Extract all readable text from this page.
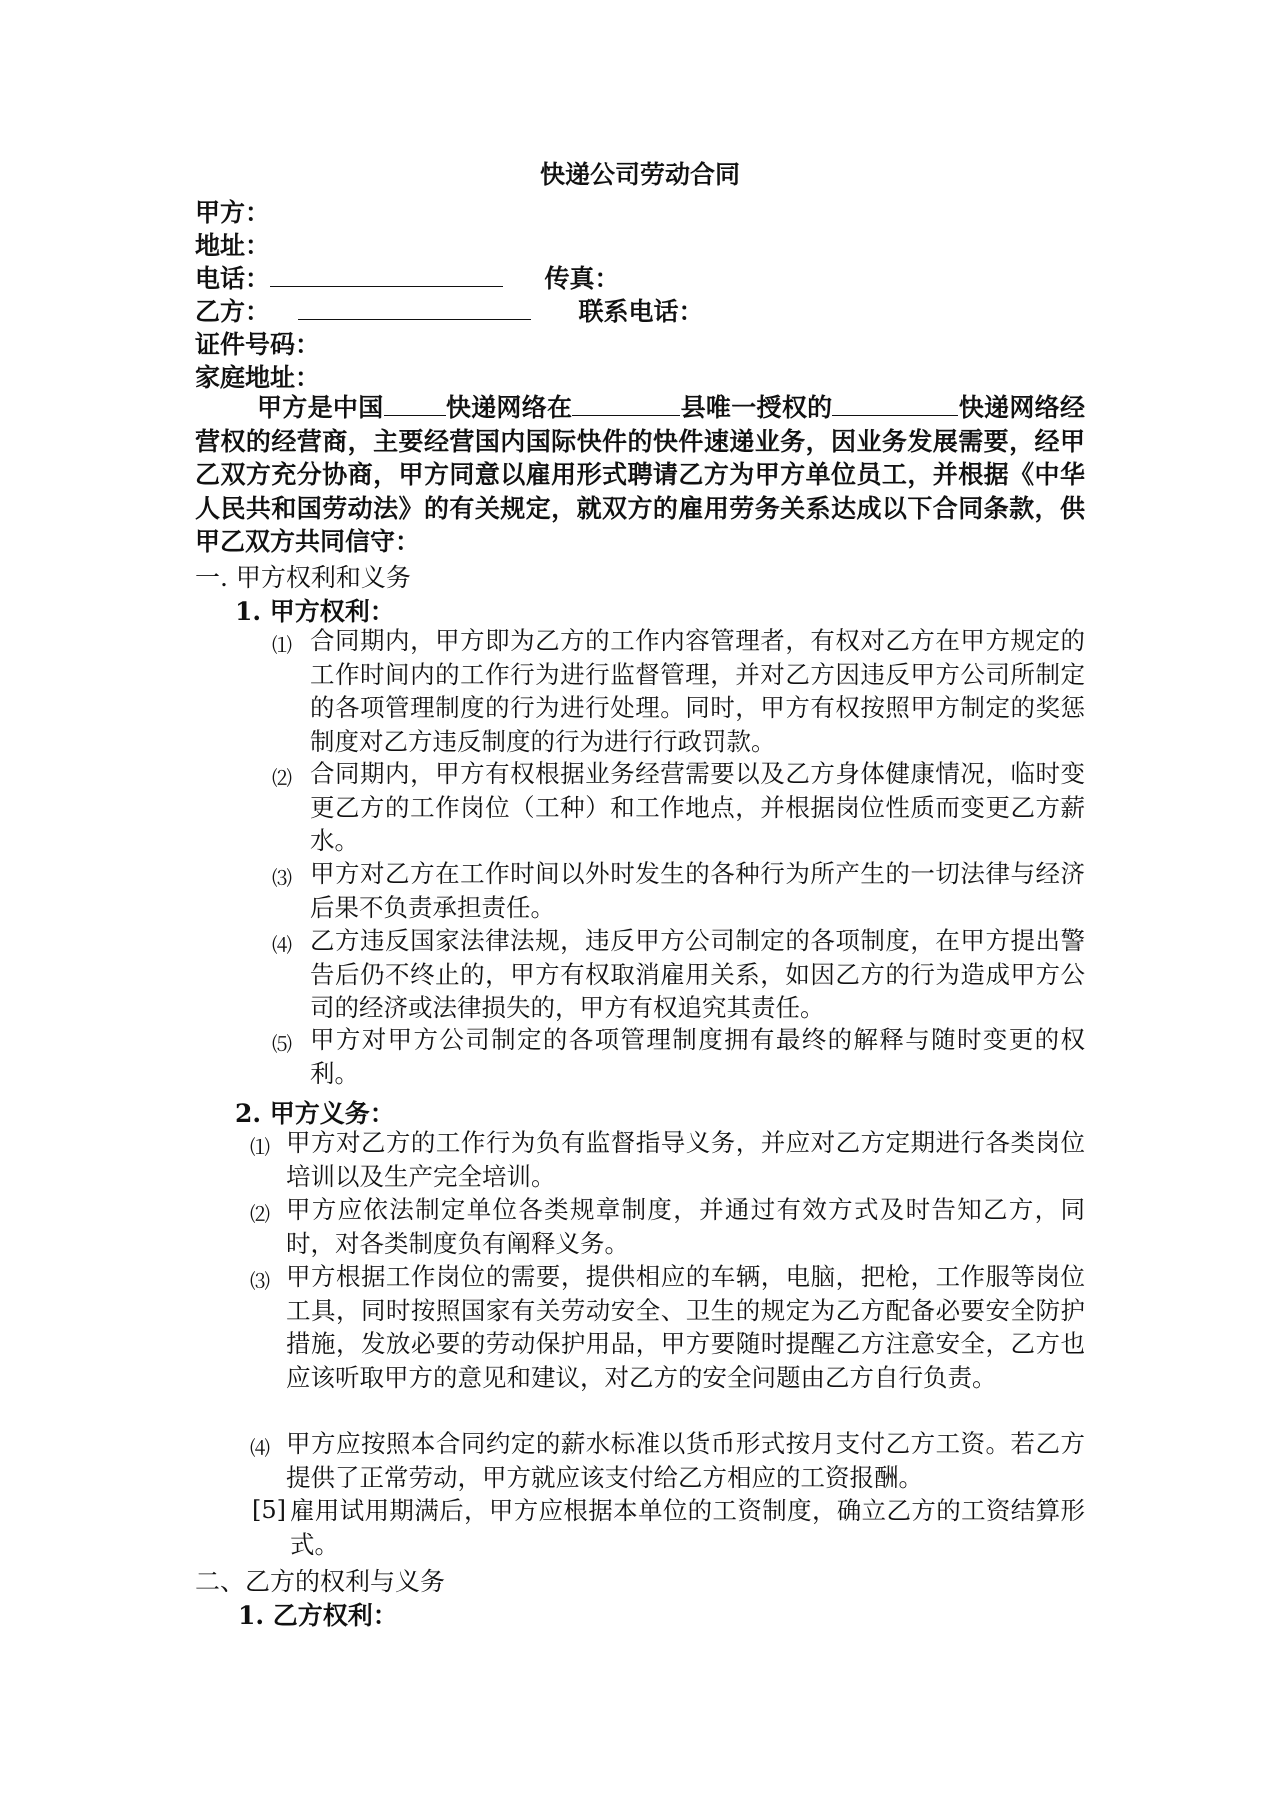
快递公司劳动合同
甲方：
地址：
电话：	传真：
乙方：	联系电话：
证件号码：
家庭地址：
甲方是中国 快递网络在	县唯一授权的	快递网络经营权的经营商，主要经营国内国际快件的快件速递业务，因业务发展需要，经甲乙双方充分协商，甲方同意以雇用形式聘请乙方为甲方单位员工，并根据《中华人民共和国劳动法》的有关规定，就双方的雇用劳务关系达成以下合同条款，供甲乙双方共同信守：
一. 甲方权利和义务
1. 甲方权利：
⑴ 合同期内，甲方即为乙方的工作内容管理者，有权对乙方在甲方规定的工作时间内的工作行为进行监督管理，并对乙方因违反甲方公司所制定的各项管理制度的行为进行处理。同时，甲方有权按照甲方制定的奖惩制度对乙方违反制度的行为进行行政罚款。
⑵ 合同期内，甲方有权根据业务经营需要以及乙方身体健康情况，临时变更乙方的工作岗位（工种）和工作地点，并根据岗位性质而变更乙方薪水。
⑶ 甲方对乙方在工作时间以外时发生的各种行为所产生的一切法律与经济后果不负责承担责任。
⑷ 乙方违反国家法律法规，违反甲方公司制定的各项制度，在甲方提出警告后仍不终止的，甲方有权取消雇用关系，如因乙方的行为造成甲方公司的经济或法律损失的，甲方有权追究其责任。
⑸ 甲方对甲方公司制定的各项管理制度拥有最终的解释与随时变更的权利。
2. 甲方义务：
⑴ 甲方对乙方的工作行为负有监督指导义务，并应对乙方定期进行各类岗位培训以及生产完全培训。
⑵ 甲方应依法制定单位各类规章制度，并通过有效方式及时告知乙方，同时，对各类制度负有阐释义务。
⑶ 甲方根据工作岗位的需要，提供相应的车辆，电脑，把枪，工作服等岗位工具，同时按照国家有关劳动安全、卫生的规定为乙方配备必要安全防护措施，发放必要的劳动保护用品，甲方要随时提醒乙方注意安全，乙方也应该听取甲方的意见和建议，对乙方的安全问题由乙方自行负责。
⑷ 甲方应按照本合同约定的薪水标准以货币形式按月支付乙方工资。若乙方提供了正常劳动，甲方就应该支付给乙方相应的工资报酬。
[5] 雇用试用期满后，甲方应根据本单位的工资制度，确立乙方的工资结算形式。
二、乙方的权利与义务
1. 乙方权利：
